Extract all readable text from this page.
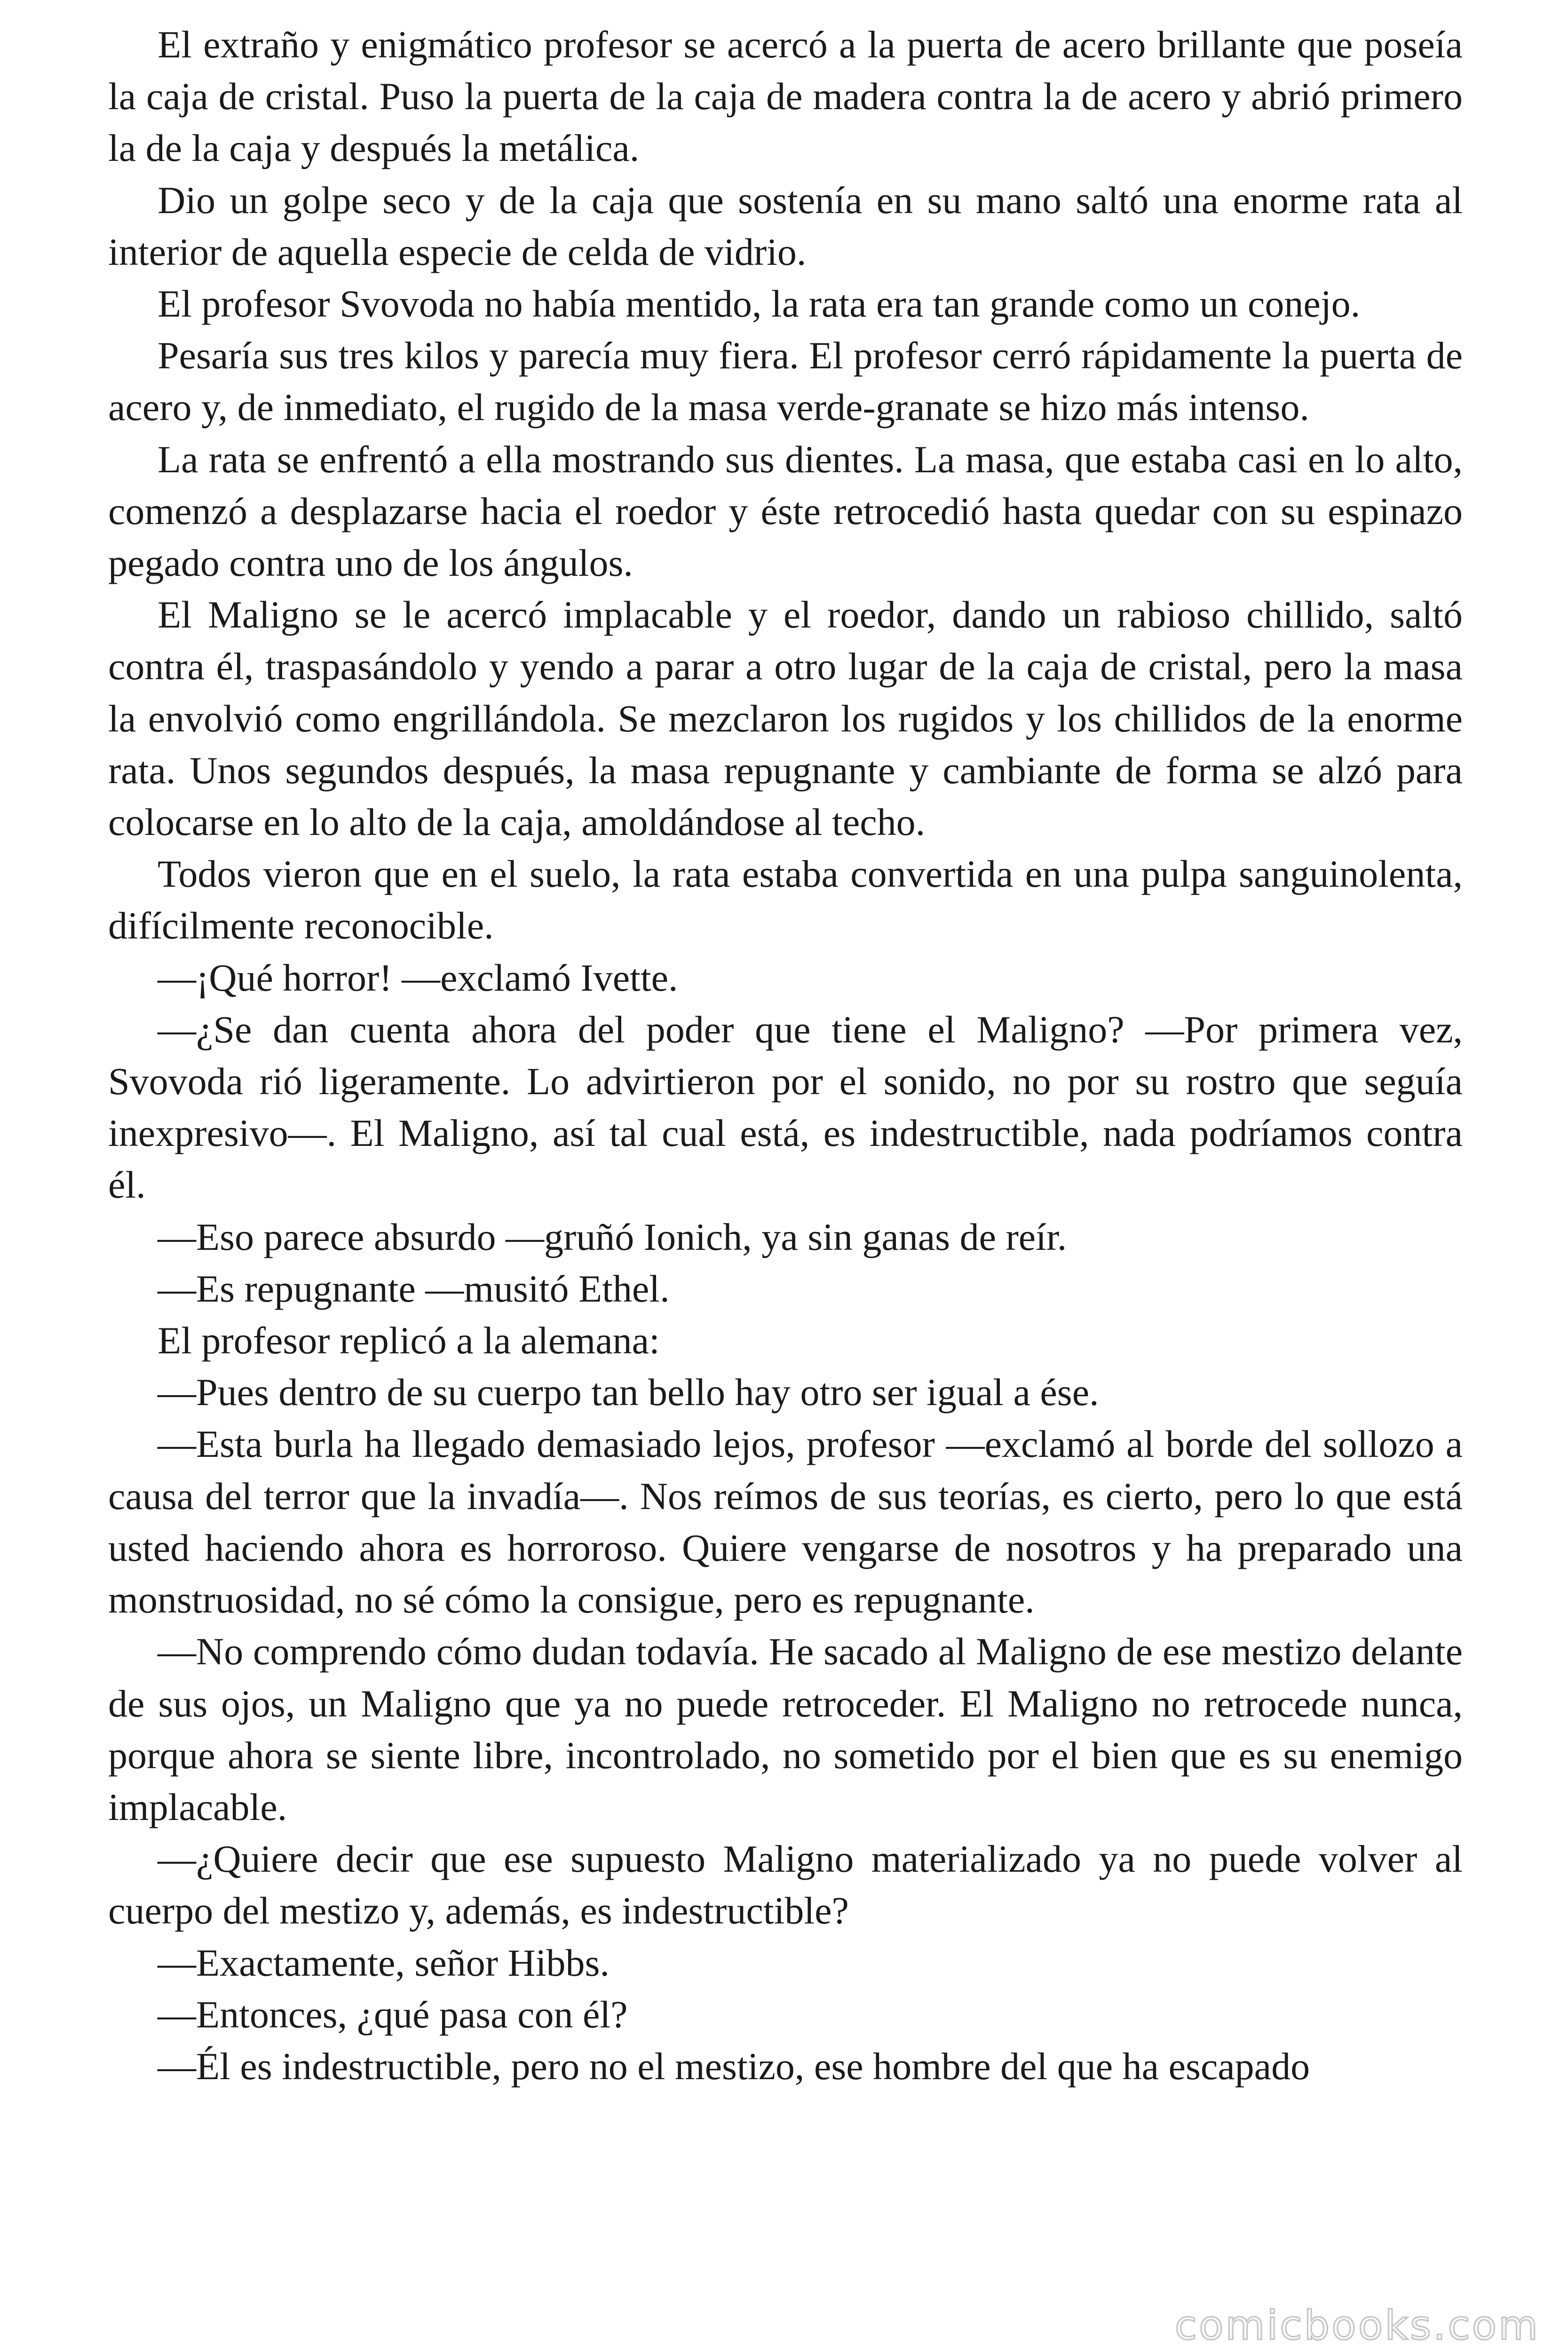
El extraño y enigmático profesor se acercó a la puerta de acero brillante que poseía la caja de cristal. Puso la puerta de la caja de madera contra la de acero y abrió primero la de la caja y después la metálica.

Dio un golpe seco y de la caja que sostenía en su mano saltó una enorme rata al interior de aquella especie de celda de vidrio.

El profesor Svovoda no había mentido, la rata era tan grande como un conejo.

Pesaría sus tres kilos y parecía muy fiera. El profesor cerró rápidamente la puerta de acero y, de inmediato, el rugido de la masa verde-granate se hizo más intenso.

La rata se enfrentó a ella mostrando sus dientes. La masa, que estaba casi en lo alto, comenzó a desplazarse hacia el roedor y éste retrocedió hasta quedar con su espinazo pegado contra uno de los ángulos.

El Maligno se le acercó implacable y el roedor, dando un rabioso chillido, saltó contra él, traspasándolo y yendo a parar a otro lugar de la caja de cristal, pero la masa la envolvió como engrillándola. Se mezclaron los rugidos y los chillidos de la enorme rata. Unos segundos después, la masa repugnante y cambiante de forma se alzó para colocarse en lo alto de la caja, amoldándose al techo.

Todos vieron que en el suelo, la rata estaba convertida en una pulpa sanguinolenta, difícilmente reconocible.

—¡Qué horror! —exclamó Ivette.

—¿Se dan cuenta ahora del poder que tiene el Maligno? —Por primera vez, Svovoda rió ligeramente. Lo advirtieron por el sonido, no por su rostro que seguía inexpresivo—. El Maligno, así tal cual está, es indestructible, nada podríamos contra él.

—Eso parece absurdo —gruñó Ionich, ya sin ganas de reír.

—Es repugnante —musitó Ethel.

El profesor replicó a la alemana:

—Pues dentro de su cuerpo tan bello hay otro ser igual a ése.

—Esta burla ha llegado demasiado lejos, profesor —exclamó al borde del sollozo a causa del terror que la invadía—. Nos reímos de sus teorías, es cierto, pero lo que está usted haciendo ahora es horroroso. Quiere vengarse de nosotros y ha preparado una monstruosidad, no sé cómo la consigue, pero es repugnante.

—No comprendo cómo dudan todavía. He sacado al Maligno de ese mestizo delante de sus ojos, un Maligno que ya no puede retroceder. El Maligno no retrocede nunca, porque ahora se siente libre, incontrolado, no sometido por el bien que es su enemigo implacable.

—¿Quiere decir que ese supuesto Maligno materializado ya no puede volver al cuerpo del mestizo y, además, es indestructible?

—Exactamente, señor Hibbs.

—Entonces, ¿qué pasa con él?

—Él es indestructible, pero no el mestizo, ese hombre del que ha escapado

comicbooks.com
